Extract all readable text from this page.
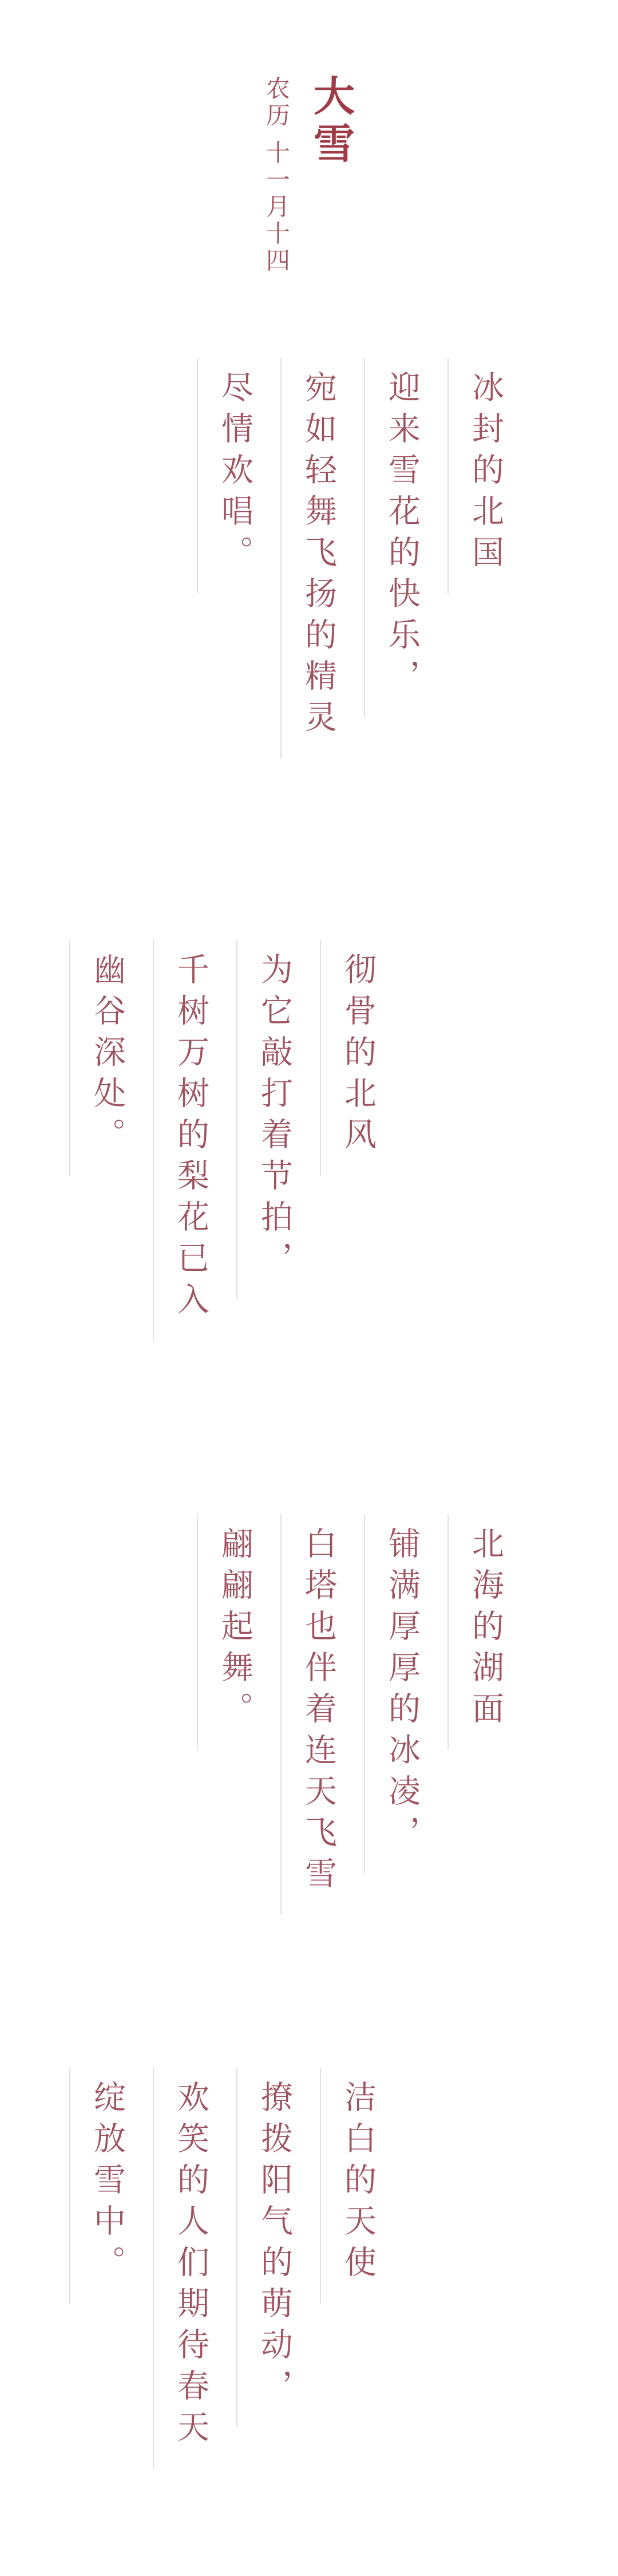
大雪
农历 十一月十四
冰封的北国
迎来雪花的快乐，
宛如轻舞飞扬的精灵
尽情欢唱。
彻骨的北风
为它敲打着节拍，
千树万树的梨花已入
幽谷深处。
北海的湖面
铺满厚厚的冰凌，
白塔也伴着连天飞雪
翩翩起舞。
洁白的天使
撩拨阳气的萌动，
欢笑的人们期待春天
绽放雪中。
